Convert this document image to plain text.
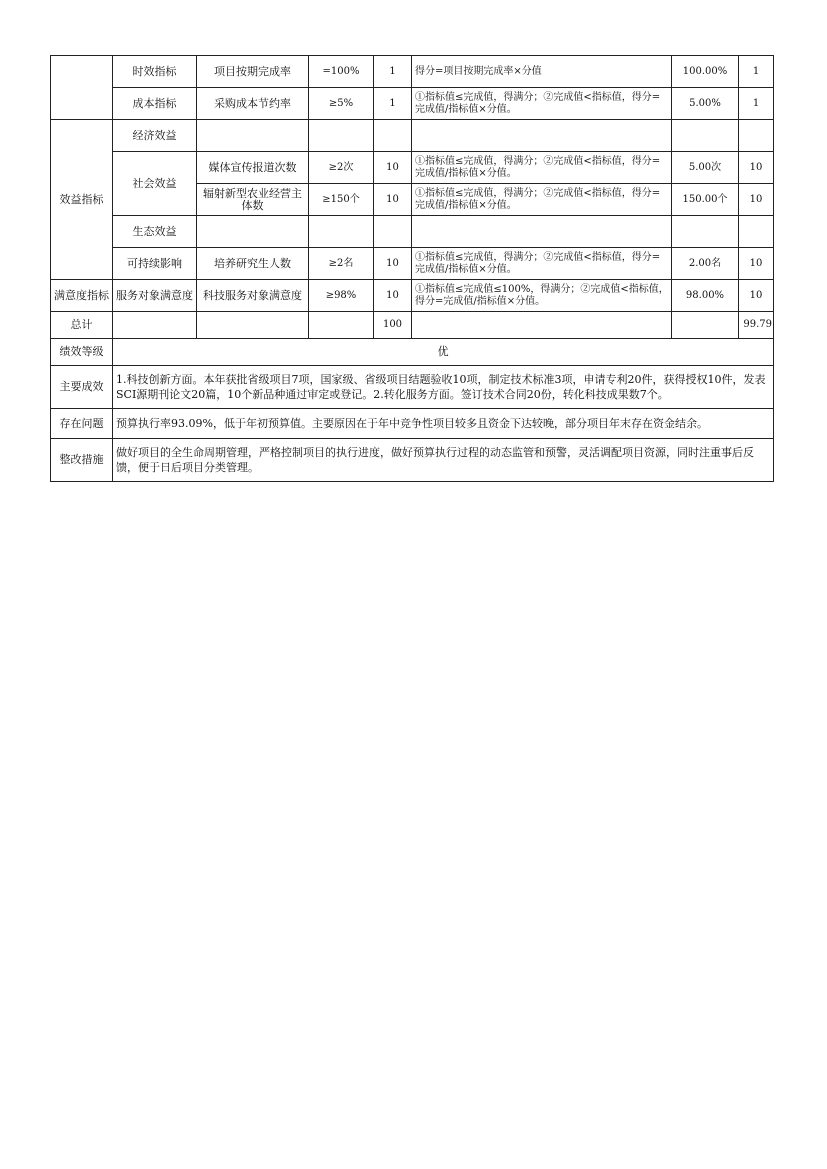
	时效指标	项目按期完成率	=100%	1	得分=项目按期完成率×分值	100.00%	1
	成本指标	采购成本节约率	≥5%	1	①指标值≤完成值，得满分；②完成值<指标值，得分=完成值/指标值×分值。	5.00%	1
效益指标	经济效益						
	社会效益	媒体宣传报道次数	≥2次	10	①指标值≤完成值，得满分；②完成值<指标值，得分=完成值/指标值×分值。	5.00次	10
		辐射新型农业经营主体数	≥150个	10	①指标值≤完成值，得满分；②完成值<指标值，得分=完成值/指标值×分值。	150.00个	10
	生态效益						
	可持续影响	培养研究生人数	≥2名	10	①指标值≤完成值，得满分；②完成值<指标值，得分=完成值/指标值×分值。	2.00名	10
满意度指标	服务对象满意度	科技服务对象满意度	≥98%	10	①指标值≤完成值≤100%，得满分；②完成值<指标值，得分=完成值/指标值×分值。	98.00%	10
总计				100			99.79
绩效等级	优						
主要成效	1.科技创新方面。本年获批省级项目7项，国家级、省级项目结题验收10项，制定技术标准3项，申请专利20件，获得授权10件，发表SCI源期刊论文20篇，10个新品种通过审定或登记。2.转化服务方面。签订技术合同20份，转化科技成果数7个。						
存在问题	预算执行率93.09%，低于年初预算值。主要原因在于年中竞争性项目较多且资金下达较晚，部分项目年末存在资金结余。						
整改措施	做好项目的全生命周期管理，严格控制项目的执行进度，做好预算执行过程的动态监管和预警，灵活调配项目资源，同时注重事后反馈，便于日后项目分类管理。						
